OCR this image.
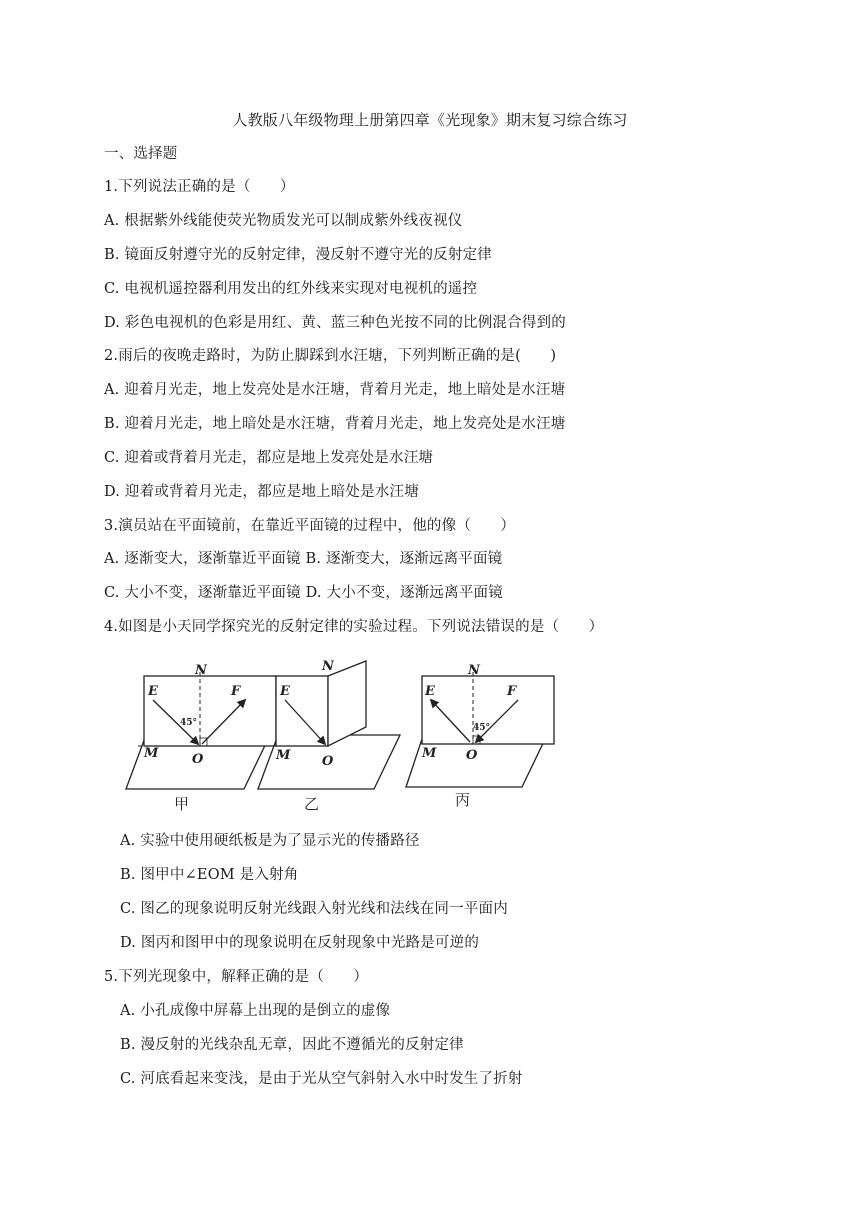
人教版八年级物理上册第四章《光现象》期末复习综合练习
一、选择题
1.下列说法正确的是（　　）
A. 根据紫外线能使荧光物质发光可以制成紫外线夜视仪
B. 镜面反射遵守光的反射定律，漫反射不遵守光的反射定律
C. 电视机遥控器利用发出的红外线来实现对电视机的遥控
D. 彩色电视机的色彩是用红、黄、蓝三种色光按不同的比例混合得到的
2.雨后的夜晚走路时，为防止脚踩到水汪塘，下列判断正确的是(　　)
A. 迎着月光走，地上发亮处是水汪塘，背着月光走，地上暗处是水汪塘
B. 迎着月光走，地上暗处是水汪塘，背着月光走，地上发亮处是水汪塘
C. 迎着或背着月光走，都应是地上发亮处是水汪塘
D. 迎着或背着月光走，都应是地上暗处是水汪塘
3.演员站在平面镜前，在靠近平面镜的过程中，他的像（　　）
A. 逐渐变大，逐渐靠近平面镜 B. 逐渐变大，逐渐远离平面镜
C. 大小不变，逐渐靠近平面镜 D. 大小不变，逐渐远离平面镜
4.如图是小天同学探究光的反射定律的实验过程。下列说法错误的是（　　）
N
E	F
M	O
45°
甲
N
E
M O
乙
N
E	F
M O
45°
丙
A. 实验中使用硬纸板是为了显示光的传播路径
B. 图甲中∠EOM 是入射角
C. 图乙的现象说明反射光线跟入射光线和法线在同一平面内
D. 图丙和图甲中的现象说明在反射现象中光路是可逆的
5.下列光现象中，解释正确的是（　　）
A. 小孔成像中屏幕上出现的是倒立的虚像
B. 漫反射的光线杂乱无章，因此不遵循光的反射定律
C. 河底看起来变浅，是由于光从空气斜射入水中时发生了折射
